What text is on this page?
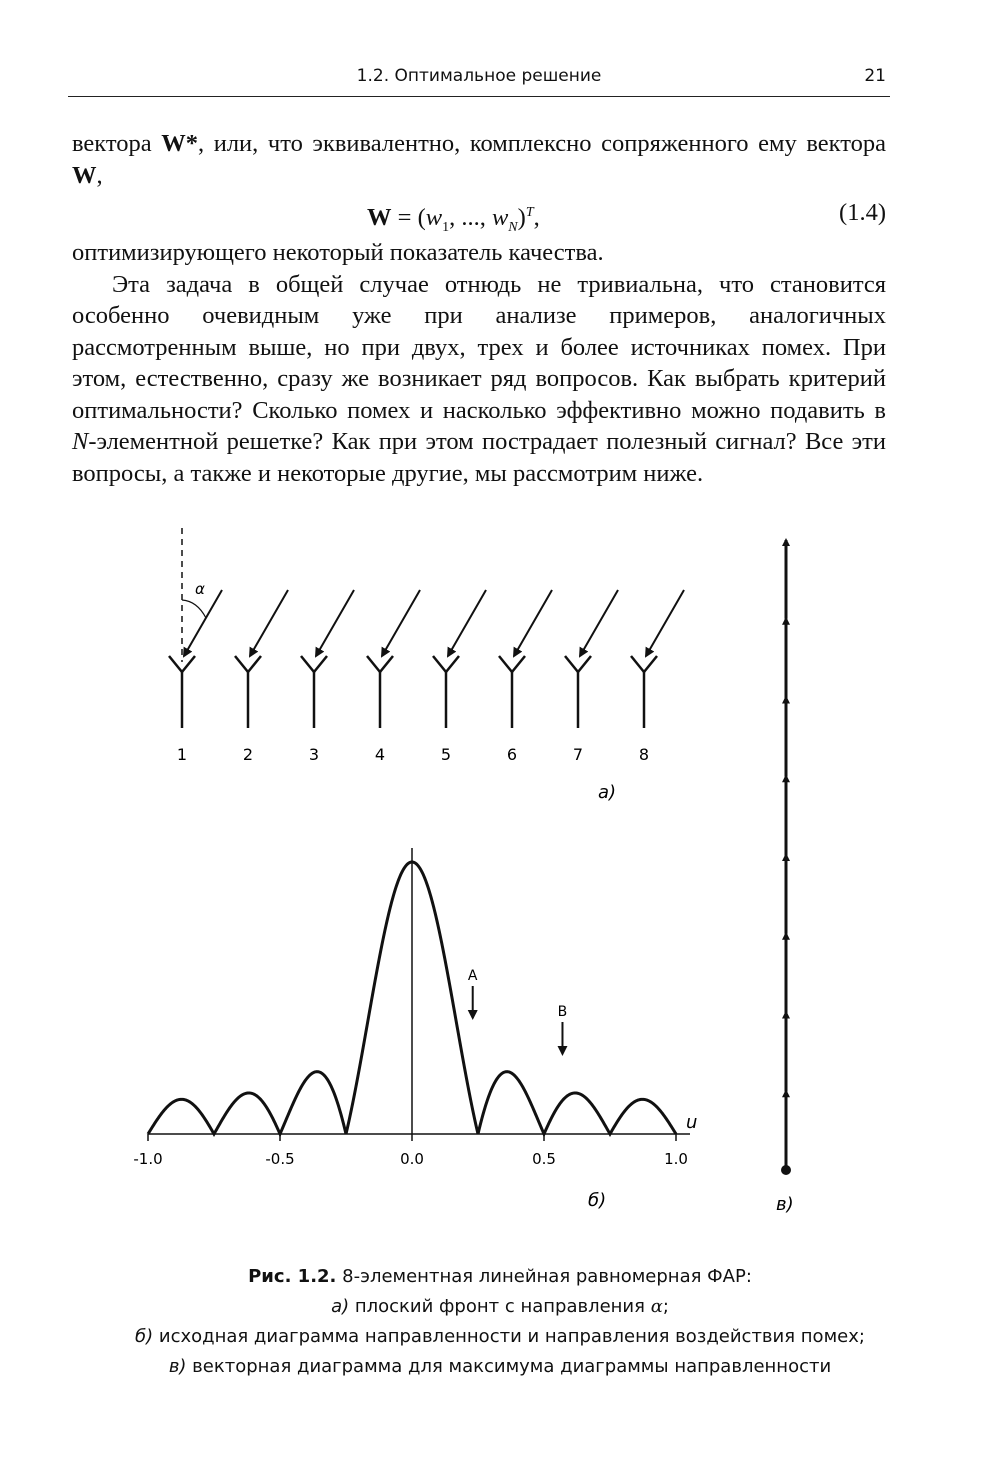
1.2. Оптимальное решение	21

вектора W*, или, что эквивалентно, комплексно сопряженного ему вектора W,

$W = (w_1$, ..., $w_N)^T$,	(1.4)

оптимизирующего некоторый показатель качества.

Эта задача в общей случае отнюдь не тривиальна, что становится особенно очевидным уже при анализе примеров, аналогичных рассмотренным выше, но при двух, трех и более источниках помех. При этом, естественно, сразу же возникает ряд вопросов. Как выбрать критерий оптимальности? Сколько помех и насколько эффективно можно подавить в N-элементной решетке? Как при этом пострадает полезный сигнал? Все эти вопросы, а также и некоторые другие, мы рассмотрим ниже.

α
1	2	3	4	5	6	7	8
а)
-1.0	-0.5	0.0	0.5	1.0
u
A
B
б)	в)
Рис. 1.2. 8-элементная линейная равномерная ФАР:
а) плоский фронт с направления α;
б) исходная диаграмма направленности и направления воздействия помех;
в) векторная диаграмма для максимума диаграммы направленности
